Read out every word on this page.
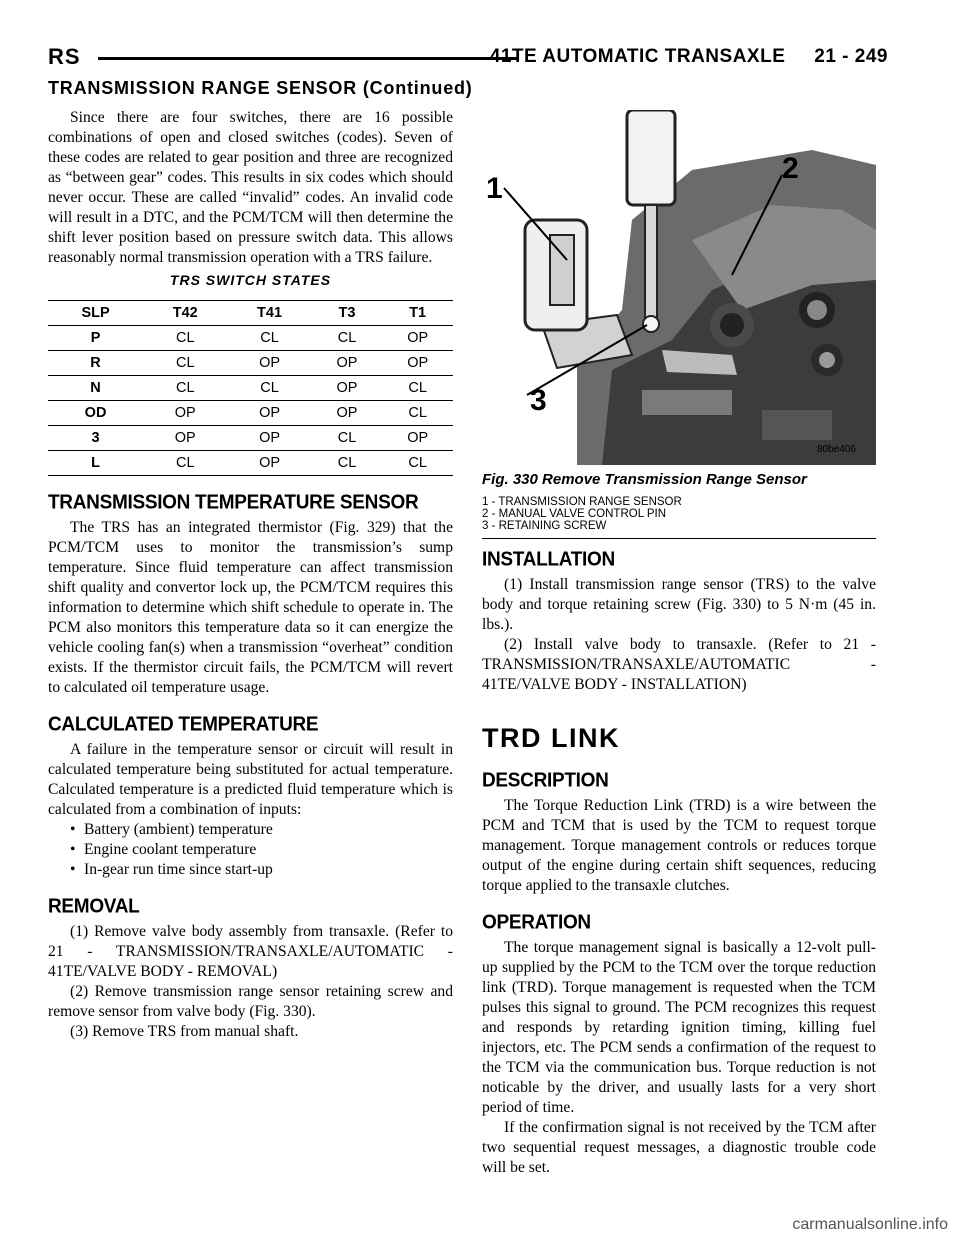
RS	41TE AUTOMATIC TRANSAXLE     21 - 249
TRANSMISSION RANGE SENSOR (Continued)

Since there are four switches, there are 16 possible combinations of open and closed switches (codes). Seven of these codes are related to gear position and three are recognized as “between gear” codes. This results in six codes which should never occur. These are called “invalid” codes. An invalid code will result in a DTC, and the PCM/TCM will then determine the shift lever position based on pressure switch data. This allows reasonably normal transmission operation with a TRS failure.

TRS SWITCH STATES
SLP	T42	T41	T3	T1
P	CL	CL	CL	OP
R	CL	OP	OP	OP
N	CL	CL	OP	CL
OD	OP	OP	OP	CL
3	OP	OP	CL	OP
L	CL	OP	CL	CL
TRANSMISSION TEMPERATURE SENSOR

The TRS has an integrated thermistor (Fig. 329) that the PCM/TCM uses to monitor the transmission’s sump temperature. Since fluid temperature can affect transmission shift quality and convertor lock up, the PCM/TCM requires this information to determine which shift schedule to operate in. The PCM also monitors this temperature data so it can energize the vehicle cooling fan(s) when a transmission “overheat” condition exists. If the thermistor circuit fails, the PCM/TCM will revert to calculated oil temperature usage.

CALCULATED TEMPERATURE

A failure in the temperature sensor or circuit will result in calculated temperature being substituted for actual temperature. Calculated temperature is a predicted fluid temperature which is calculated from a combination of inputs:

• Battery (ambient) temperature
• Engine coolant temperature
• In-gear run time since start-up
REMOVAL

(1) Remove valve body assembly from transaxle. (Refer to 21 - TRANSMISSION/TRANSAXLE/AUTOMATIC - 41TE/VALVE BODY - REMOVAL)

(2) Remove transmission range sensor retaining screw and remove sensor from valve body (Fig. 330).

(3) Remove TRS from manual shaft.

1
2
3
80be406
Fig. 330 Remove Transmission Range Sensor
1 - TRANSMISSION RANGE SENSOR
2 - MANUAL VALVE CONTROL PIN
3 - RETAINING SCREW
INSTALLATION

(1) Install transmission range sensor (TRS) to the valve body and torque retaining screw (Fig. 330) to 5 N·m (45 in. lbs.).

(2) Install valve body to transaxle. (Refer to 21 - TRANSMISSION/TRANSAXLE/AUTOMATIC - 41TE/VALVE BODY - INSTALLATION)

TRD LINK
DESCRIPTION

The Torque Reduction Link (TRD) is a wire between the PCM and TCM that is used by the TCM to request torque management. Torque management controls or reduces torque output of the engine during certain shift sequences, reducing torque applied to the transaxle clutches.

OPERATION

The torque management signal is basically a 12-volt pull-up supplied by the PCM to the TCM over the torque reduction link (TRD). Torque management is requested when the TCM pulses this signal to ground. The PCM recognizes this request and responds by retarding ignition timing, killing fuel injectors, etc. The PCM sends a confirmation of the request to the TCM via the communication bus. Torque reduction is not noticable by the driver, and usually lasts for a very short period of time.

If the confirmation signal is not received by the TCM after two sequential request messages, a diagnostic trouble code will be set.

carmanualsonline.info
